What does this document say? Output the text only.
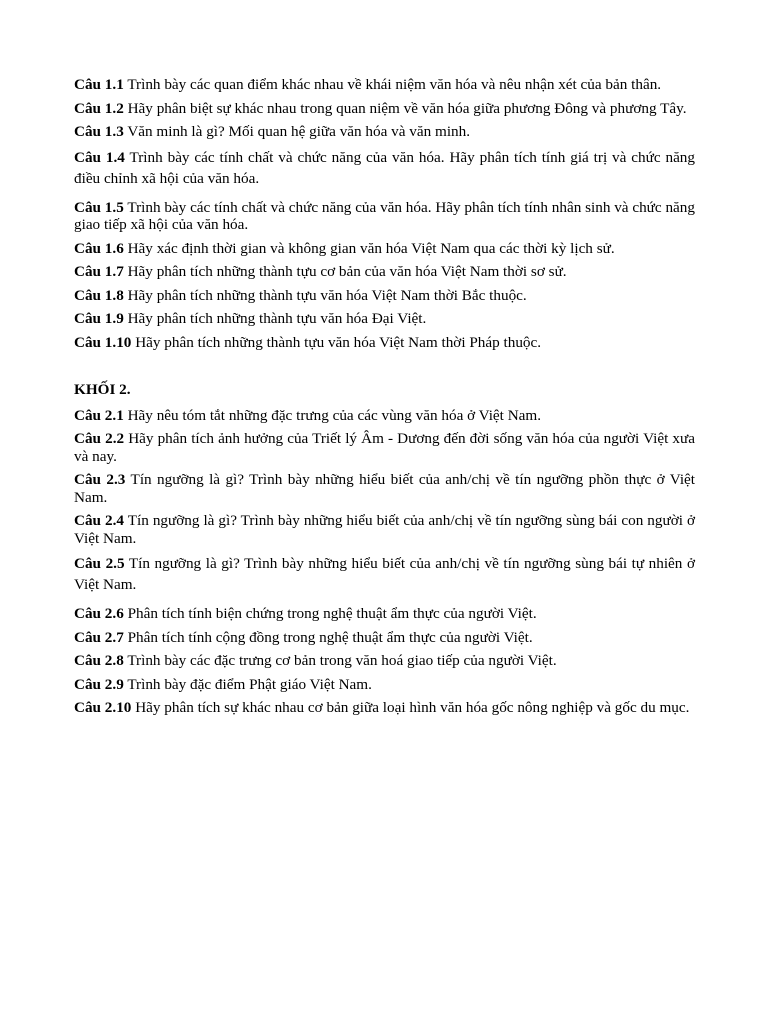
Câu 1.1 Trình bày các quan điểm khác nhau về khái niệm văn hóa và nêu nhận xét của bản thân.

Câu 1.2 Hãy phân biệt sự khác nhau trong quan niệm về văn hóa giữa phương Đông và phương Tây.

Câu 1.3 Văn minh là gì? Mối quan hệ giữa văn hóa và văn minh.

Câu 1.4 Trình bày các tính chất và chức năng của văn hóa. Hãy phân tích tính giá trị và chức năng điều chỉnh xã hội của văn hóa.

Câu 1.5 Trình bày các tính chất và chức năng của văn hóa. Hãy phân tích tính nhân sinh và chức năng giao tiếp xã hội của văn hóa.

Câu 1.6 Hãy xác định thời gian và không gian văn hóa Việt Nam qua các thời kỳ lịch sử.

Câu 1.7 Hãy phân tích những thành tựu cơ bản của văn hóa Việt Nam thời sơ sử.

Câu 1.8 Hãy phân tích những thành tựu văn hóa Việt Nam thời Bắc thuộc.

Câu 1.9 Hãy phân tích những thành tựu văn hóa Đại Việt.

Câu 1.10 Hãy phân tích những thành tựu văn hóa Việt Nam thời Pháp thuộc.

KHỐI 2.

Câu 2.1 Hãy nêu tóm tắt những đặc trưng của các vùng văn hóa ở Việt Nam.

Câu 2.2 Hãy phân tích ảnh hưởng của Triết lý Âm - Dương đến đời sống văn hóa của người Việt xưa và nay.

Câu 2.3 Tín ngưỡng là gì? Trình bày những hiểu biết của anh/chị về tín ngưỡng phồn thực ở Việt Nam.

Câu 2.4 Tín ngưỡng là gì? Trình bày những hiểu biết của anh/chị về tín ngưỡng sùng bái con người ở Việt Nam.

Câu 2.5 Tín ngưỡng là gì? Trình bày những hiểu biết của anh/chị về tín ngưỡng sùng bái tự nhiên ở Việt Nam.

Câu 2.6 Phân tích tính biện chứng trong nghệ thuật ẩm thực của người Việt.

Câu 2.7 Phân tích tính cộng đồng trong nghệ thuật ẩm thực của người Việt.

Câu 2.8 Trình bày các đặc trưng cơ bản trong văn hoá giao tiếp của người Việt.

Câu 2.9 Trình bày đặc điểm Phật giáo Việt Nam.

Câu 2.10 Hãy phân tích sự khác nhau cơ bản giữa loại hình văn hóa gốc nông nghiệp và gốc du mục.
